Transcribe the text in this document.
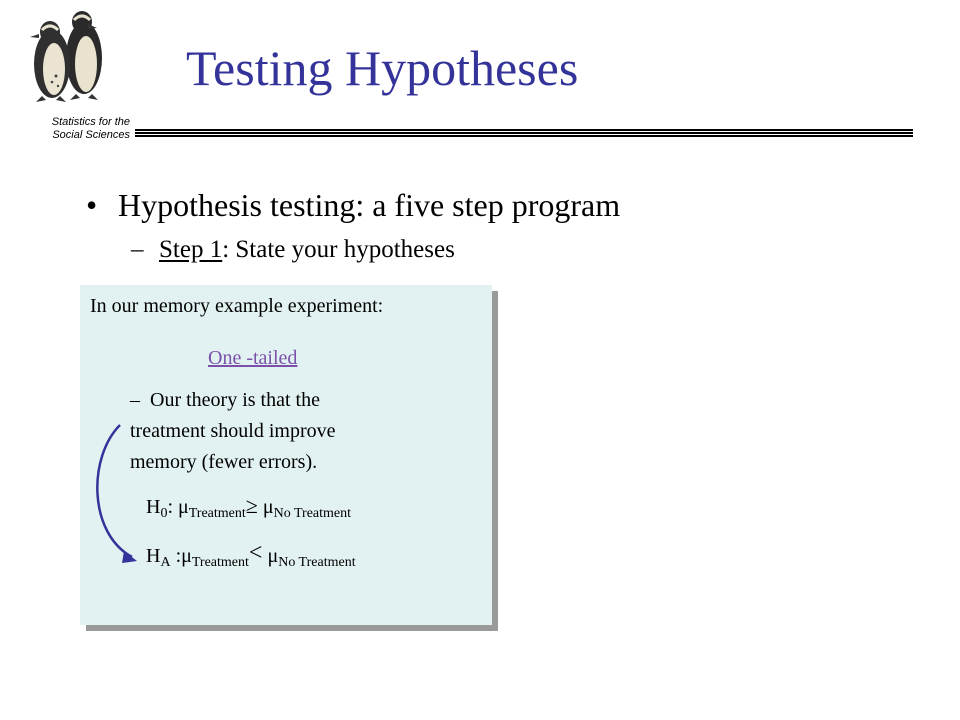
Statistics for the
Social Sciences
Testing Hypotheses
• Hypothesis testing: a five step program
– Step 1: State your hypotheses
In our memory example experiment:
One -tailed
– Our theory is that the
treatment should improve
memory (fewer errors).
$H_0$: $\mu_{Treatment}\ge \mu_{No Treatment}$
$H_A$ $:\mu_{Treatment}< \mu_{No Treatment}$
